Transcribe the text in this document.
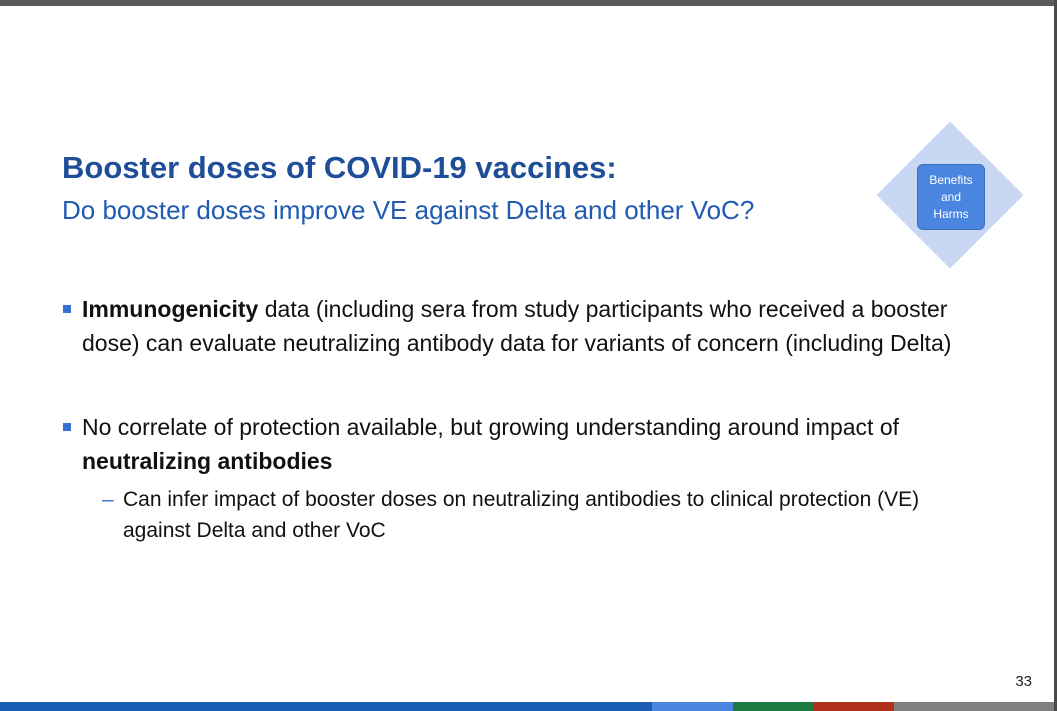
Booster doses of COVID-19 vaccines:
Do booster doses improve VE against Delta and other VoC?
Benefits
and
Harms
Immunogenicity data (including sera from study participants who received a booster dose) can evaluate neutralizing antibody data for variants of concern (including Delta)
No correlate of protection available, but growing understanding around impact of neutralizing antibodies
– Can infer impact of booster doses on neutralizing antibodies to clinical protection (VE) against Delta and other VoC
33
